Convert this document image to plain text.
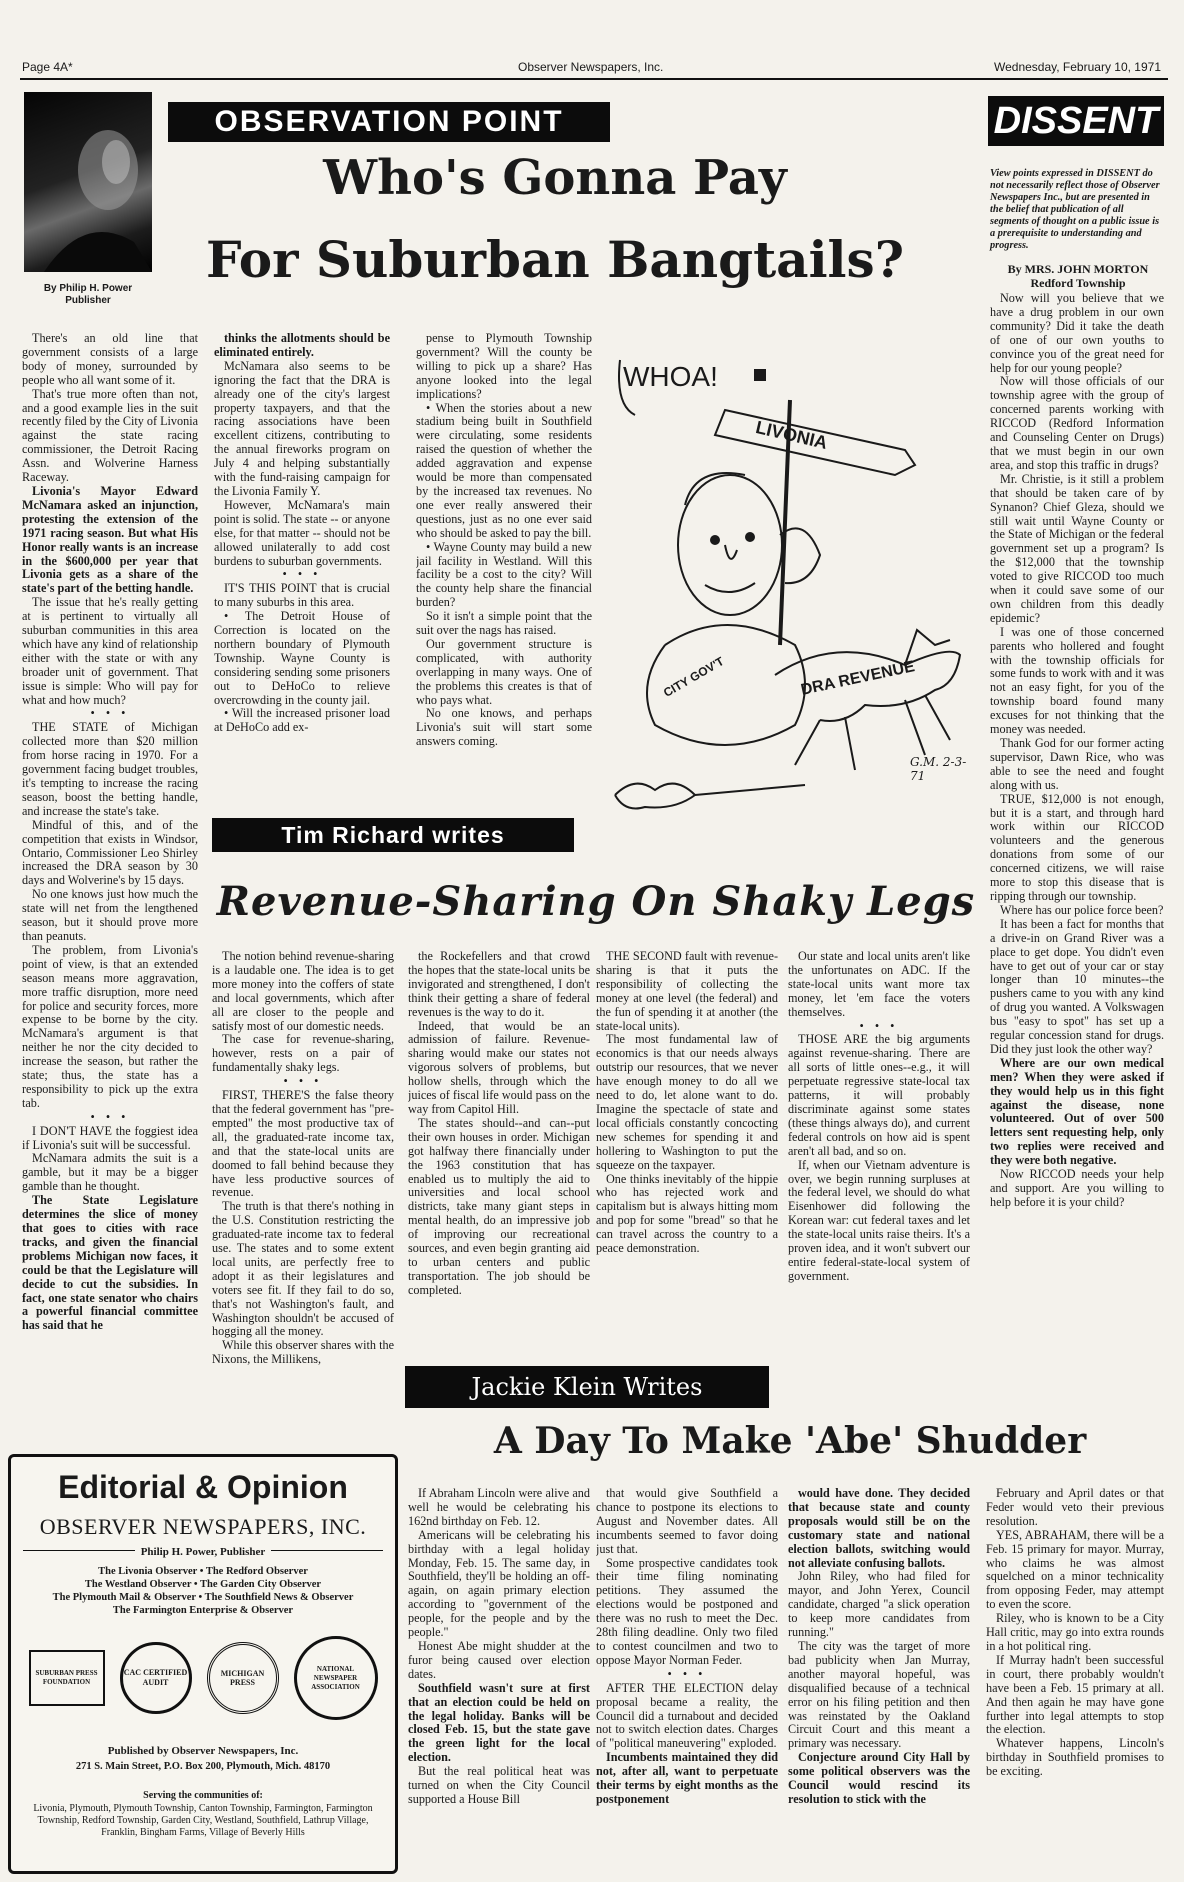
Page 4A*	Observer Newspapers, Inc.	Wednesday, February 10, 1971
By Philip H. Power
Publisher
OBSERVATION POINT
Who's Gonna Pay
For Suburban Bangtails?

There's an old line that government consists of a large body of money, surrounded by people who all want some of it.

That's true more often than not, and a good example lies in the suit recently filed by the City of Livonia against the state racing commissioner, the Detroit Racing Assn. and Wolverine Harness Raceway.

Livonia's Mayor Edward McNamara asked an injunction, protesting the extension of the 1971 racing season. But what His Honor really wants is an increase in the $600,000 per year that Livonia gets as a share of the state's part of the betting handle.

The issue that he's really getting at is pertinent to virtually all suburban communities in this area which have any kind of relationship either with the state or with any broader unit of government. That issue is simple: Who will pay for what and how much?

• • •

THE STATE of Michigan collected more than $20 million from horse racing in 1970. For a government facing budget troubles, it's tempting to increase the racing season, boost the betting handle, and increase the state's take.

Mindful of this, and of the competition that exists in Windsor, Ontario, Commissioner Leo Shirley increased the DRA season by 30 days and Wolverine's by 15 days.

No one knows just how much the state will net from the lengthened season, but it should prove more than peanuts.

The problem, from Livonia's point of view, is that an extended season means more aggravation, more traffic disruption, more need for police and security forces, more expense to be borne by the city. McNamara's argument is that neither he nor the city decided to increase the season, but rather the state; thus, the state has a responsibility to pick up the extra tab.

• • •

I DON'T HAVE the foggiest idea if Livonia's suit will be successful.

McNamara admits the suit is a gamble, but it may be a bigger gamble than he thought.

The State Legislature determines the slice of money that goes to cities with race tracks, and given the financial problems Michigan now faces, it could be that the Legislature will decide to cut the subsidies. In fact, one state senator who chairs a powerful financial committee has said that he

thinks the allotments should be eliminated entirely.

McNamara also seems to be ignoring the fact that the DRA is already one of the city's largest property taxpayers, and that the racing associations have been excellent citizens, contributing to the annual fireworks program on July 4 and helping substantially with the fund-raising campaign for the Livonia Family Y.

However, McNamara's main point is solid. The state -- or anyone else, for that matter -- should not be allowed unilaterally to add cost burdens to suburban governments.

• • •

IT'S THIS POINT that is crucial to many suburbs in this area.

• The Detroit House of Correction is located on the northern boundary of Plymouth Township. Wayne County is considering sending some prisoners out to DeHoCo to relieve overcrowding in the county jail.

• Will the increased prisoner load at DeHoCo add ex-

pense to Plymouth Township government? Will the county be willing to pick up a share? Has anyone looked into the legal implications?

• When the stories about a new stadium being built in Southfield were circulating, some residents raised the question of whether the added aggravation and expense would be more than compensated by the increased tax revenues. No one ever really answered their questions, just as no one ever said who should be asked to pay the bill.

• Wayne County may build a new jail facility in Westland. Will this facility be a cost to the city? Will the county help share the financial burden?

So it isn't a simple point that the suit over the nags has raised.

Our government structure is complicated, with authority overlapping in many ways. One of the problems this creates is that of who pays what.

No one knows, and perhaps Livonia's suit will start some answers coming.

WHOA!
LIVONIA
CITY GOV'T	DRA REVENUE
G.M. 2-3-71
DISSENT
View points expressed in DISSENT do not necessarily reflect those of Observer Newspapers Inc., but are presented in the belief that publication of all segments of thought on a public issue is a prerequisite to understanding and progress.
By MRS. JOHN MORTON
Redford Township

Now will you believe that we have a drug problem in our own community? Did it take the death of one of our own youths to convince you of the great need for help for our young people?

Now will those officials of our township agree with the group of concerned parents working with RICCOD (Redford Information and Counseling Center on Drugs) that we must begin in our own area, and stop this traffic in drugs?

Mr. Christie, is it still a problem that should be taken care of by Synanon? Chief Gleza, should we still wait until Wayne County or the State of Michigan or the federal government set up a program? Is the $12,000 that the township voted to give RICCOD too much when it could save some of our own children from this deadly epidemic?

I was one of those concerned parents who hollered and fought with the township officials for some funds to work with and it was not an easy fight, for you of the township board found many excuses for not thinking that the money was needed.

Thank God for our former acting supervisor, Dawn Rice, who was able to see the need and fought along with us.

TRUE, $12,000 is not enough, but it is a start, and through hard work within our RICCOD volunteers and the generous donations from some of our concerned citizens, we will raise more to stop this disease that is ripping through our township.

Where has our police force been?

It has been a fact for months that a drive-in on Grand River was a place to get dope. You didn't even have to get out of your car or stay longer than 10 minutes--the pushers came to you with any kind of drug you wanted. A Volkswagen bus "easy to spot" has set up a regular concession stand for drugs. Did they just look the other way?

Where are our own medical men? When they were asked if they would help us in this fight against the disease, none volunteered. Out of over 500 letters sent requesting help, only two replies were received and they were both negative.

Now RICCOD needs your help and support. Are you willing to help before it is your child?

Tim Richard writes
Revenue-Sharing On Shaky Legs

The notion behind revenue-sharing is a laudable one. The idea is to get more money into the coffers of state and local governments, which after all are closer to the people and satisfy most of our domestic needs.

The case for revenue-sharing, however, rests on a pair of fundamentally shaky legs.

• • •

FIRST, THERE'S the false theory that the federal government has "pre-empted" the most productive tax of all, the graduated-rate income tax, and that the state-local units are doomed to fall behind because they have less productive sources of revenue.

The truth is that there's nothing in the U.S. Constitution restricting the graduated-rate income tax to federal use. The states and to some extent local units, are perfectly free to adopt it as their legislatures and voters see fit. If they fail to do so, that's not Washington's fault, and Washington shouldn't be accused of hogging all the money.

While this observer shares with the Nixons, the Millikens,

the Rockefellers and that crowd the hopes that the state-local units be invigorated and strengthened, I don't think their getting a share of federal revenues is the way to do it.

Indeed, that would be an admission of failure. Revenue-sharing would make our states not vigorous solvers of problems, but hollow shells, through which the juices of fiscal life would pass on the way from Capitol Hill.

The states should--and can--put their own houses in order. Michigan got halfway there financially under the 1963 constitution that has enabled us to multiply the aid to universities and local school districts, take many giant steps in mental health, do an impressive job of improving our recreational sources, and even begin granting aid to urban centers and public transportation. The job should be completed.

THE SECOND fault with revenue-sharing is that it puts the responsibility of collecting the money at one level (the federal) and the fun of spending it at another (the state-local units).

The most fundamental law of economics is that our needs always outstrip our resources, that we never have enough money to do all we need to do, let alone want to do. Imagine the spectacle of state and local officials constantly concocting new schemes for spending it and hollering to Washington to put the squeeze on the taxpayer.

One thinks inevitably of the hippie who has rejected work and capitalism but is always hitting mom and pop for some "bread" so that he can travel across the country to a peace demonstration.

Our state and local units aren't like the unfortunates on ADC. If the state-local units want more tax money, let 'em face the voters themselves.

• • •

THOSE ARE the big arguments against revenue-sharing. There are all sorts of little ones--e.g., it will perpetuate regressive state-local tax patterns, it will probably discriminate against some states (these things always do), and current federal controls on how aid is spent aren't all bad, and so on.

If, when our Vietnam adventure is over, we begin running surpluses at the federal level, we should do what Eisenhower did following the Korean war: cut federal taxes and let the state-local units raise theirs. It's a proven idea, and it won't subvert our entire federal-state-local system of government.

Jackie Klein Writes
A Day To Make 'Abe' Shudder

If Abraham Lincoln were alive and well he would be celebrating his 162nd birthday on Feb. 12.

Americans will be celebrating his birthday with a legal holiday Monday, Feb. 15. The same day, in Southfield, they'll be holding an off-again, on again primary election according to "government of the people, for the people and by the people."

Honest Abe might shudder at the furor being caused over election dates.

Southfield wasn't sure at first that an election could be held on the legal holiday. Banks will be closed Feb. 15, but the state gave the green light for the local election.

But the real political heat was turned on when the City Council supported a House Bill

that would give Southfield a chance to postpone its elections to August and November dates. All incumbents seemed to favor doing just that.

Some prospective candidates took their time filing nominating petitions. They assumed the elections would be postponed and there was no rush to meet the Dec. 28th filing deadline. Only two filed to contest councilmen and two to oppose Mayor Norman Feder.

• • •

AFTER THE ELECTION delay proposal became a reality, the Council did a turnabout and decided not to switch election dates. Charges of "political maneuvering" exploded.

Incumbents maintained they did not, after all, want to perpetuate their terms by eight months as the postponement

would have done. They decided that because state and county proposals would still be on the customary state and national election ballots, switching would not alleviate confusing ballots.

John Riley, who had filed for mayor, and John Yerex, Council candidate, charged "a slick operation to keep more candidates from running."

The city was the target of more bad publicity when Jan Murray, another mayoral hopeful, was disqualified because of a technical error on his filing petition and then was reinstated by the Oakland Circuit Court and this meant a primary was necessary.

Conjecture around City Hall by some political observers was the Council would rescind its resolution to stick with the

February and April dates or that Feder would veto their previous resolution.

YES, ABRAHAM, there will be a Feb. 15 primary for mayor. Murray, who claims he was almost squelched on a minor technicality from opposing Feder, may attempt to even the score.

Riley, who is known to be a City Hall critic, may go into extra rounds in a hot political ring.

If Murray hadn't been successful in court, there probably wouldn't have been a Feb. 15 primary at all. And then again he may have gone further into legal attempts to stop the election.

Whatever happens, Lincoln's birthday in Southfield promises to be exciting.

Editorial & Opinion
OBSERVER NEWSPAPERS, INC.
Philip H. Power, Publisher
The Livonia Observer • The Redford Observer
The Westland Observer • The Garden City Observer
The Plymouth Mail & Observer • The Southfield News & Observer
The Farmington Enterprise & Observer
SUBURBAN PRESS FOUNDATION
CAC CERTIFIED AUDIT
MICHIGAN PRESS
NATIONAL NEWSPAPER ASSOCIATION
Published by Observer Newspapers, Inc.
271 S. Main Street, P.O. Box 200, Plymouth, Mich. 48170
Serving the communities of:
Livonia, Plymouth, Plymouth Township, Canton Township, Farmington, Farmington Township, Redford Township, Garden City, Westland, Southfield, Lathrup Village, Franklin, Bingham Farms, Village of Beverly Hills
